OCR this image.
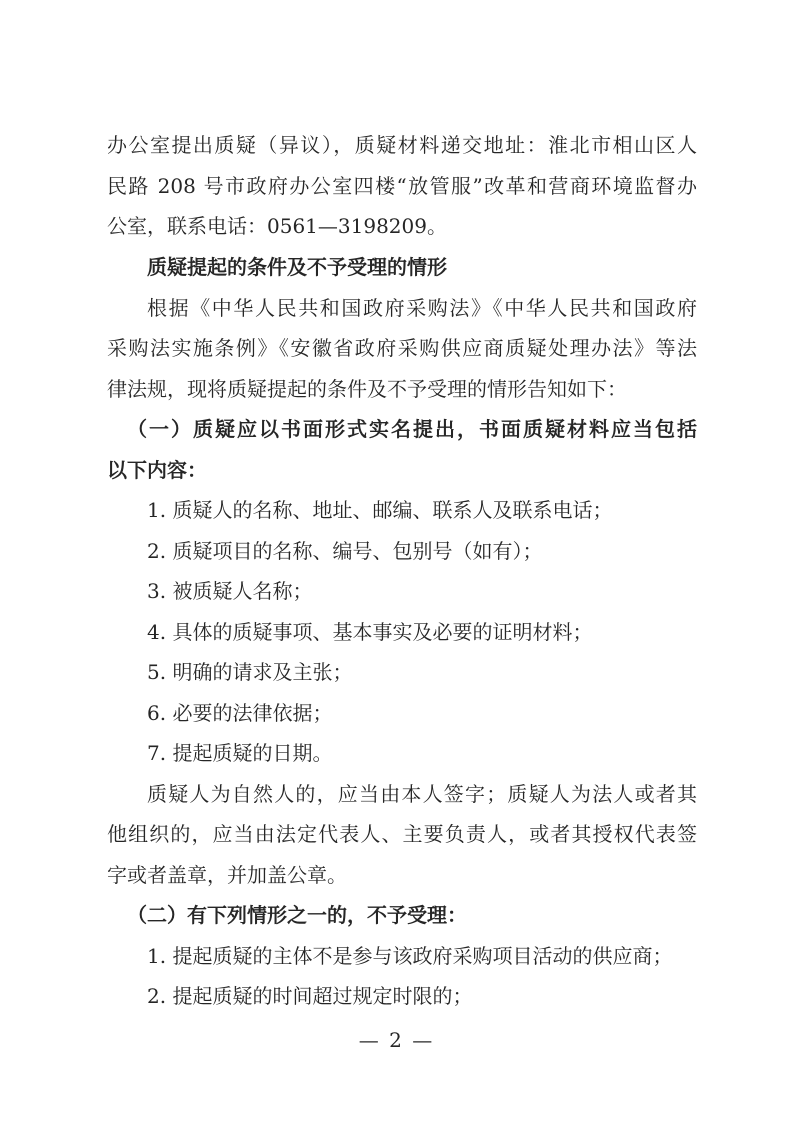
办公室提出质疑（异议），质疑材料递交地址：淮北市相山区人
民路 208 号市政府办公室四楼“放管服”改革和营商环境监督办
公室，联系电话：0561—3198209。
质疑提起的条件及不予受理的情形
根据《中华人民共和国政府采购法》《中华人民共和国政府
采购法实施条例》《安徽省政府采购供应商质疑处理办法》等法
律法规，现将质疑提起的条件及不予受理的情形告知如下：
（一）质疑应以书面形式实名提出，书面质疑材料应当包括
以下内容：
1. 质疑人的名称、地址、邮编、联系人及联系电话；
2. 质疑项目的名称、编号、包别号（如有）；
3. 被质疑人名称；
4. 具体的质疑事项、基本事实及必要的证明材料；
5. 明确的请求及主张；
6. 必要的法律依据；
7. 提起质疑的日期。
质疑人为自然人的，应当由本人签字；质疑人为法人或者其
他组织的，应当由法定代表人、主要负责人，或者其授权代表签
字或者盖章，并加盖公章。
（二）有下列情形之一的，不予受理：
1. 提起质疑的主体不是参与该政府采购项目活动的供应商；
2. 提起质疑的时间超过规定时限的；
— 2 —
